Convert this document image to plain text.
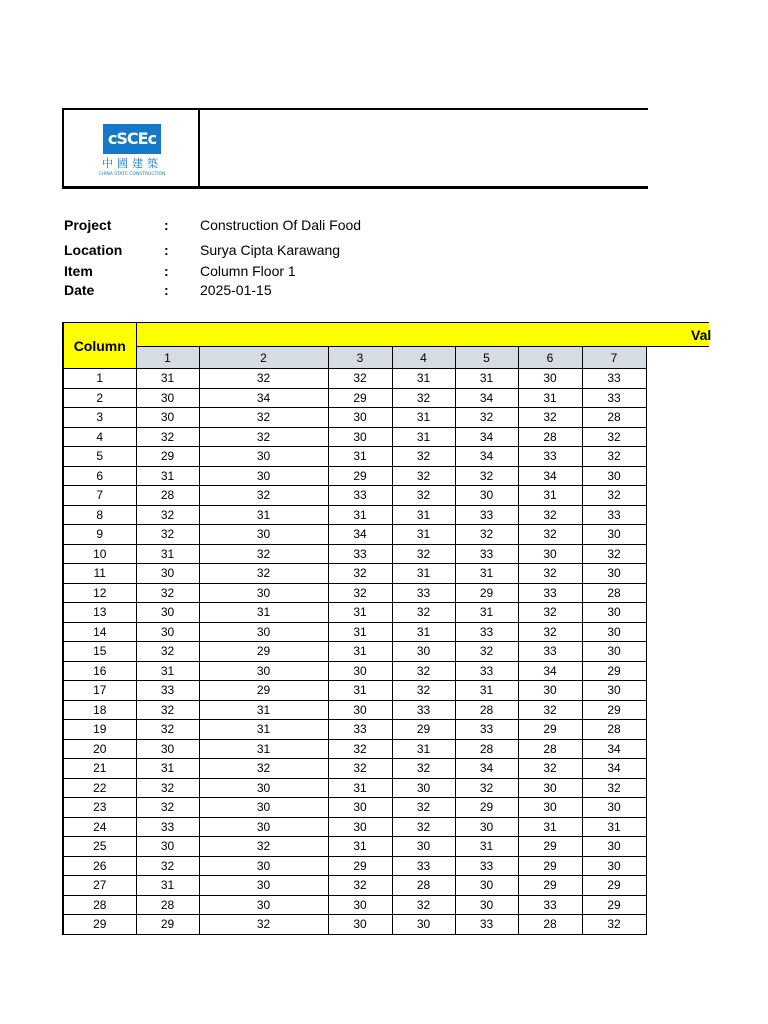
cSCEc
中國建築
CHINA STATE CONSTRUCTION
Project	: Construction Of Dali Food
Location	: Surya Cipta Karawang
Item	: Column Floor 1
Date	: 2025-01-15
Column	Val						
	1	2	3	4	5	6	7
1	31	32	32	31	31	30	33
2	30	34	29	32	34	31	33
3	30	32	30	31	32	32	28
4	32	32	30	31	34	28	32
5	29	30	31	32	34	33	32
6	31	30	29	32	32	34	30
7	28	32	33	32	30	31	32
8	32	31	31	31	33	32	33
9	32	30	34	31	32	32	30
10	31	32	33	32	33	30	32
11	30	32	32	31	31	32	30
12	32	30	32	33	29	33	28
13	30	31	31	32	31	32	30
14	30	30	31	31	33	32	30
15	32	29	31	30	32	33	30
16	31	30	30	32	33	34	29
17	33	29	31	32	31	30	30
18	32	31	30	33	28	32	29
19	32	31	33	29	33	29	28
20	30	31	32	31	28	28	34
21	31	32	32	32	34	32	34
22	32	30	31	30	32	30	32
23	32	30	30	32	29	30	30
24	33	30	30	32	30	31	31
25	30	32	31	30	31	29	30
26	32	30	29	33	33	29	30
27	31	30	32	28	30	29	29
28	28	30	30	32	30	33	29
29	29	32	30	30	33	28	32
